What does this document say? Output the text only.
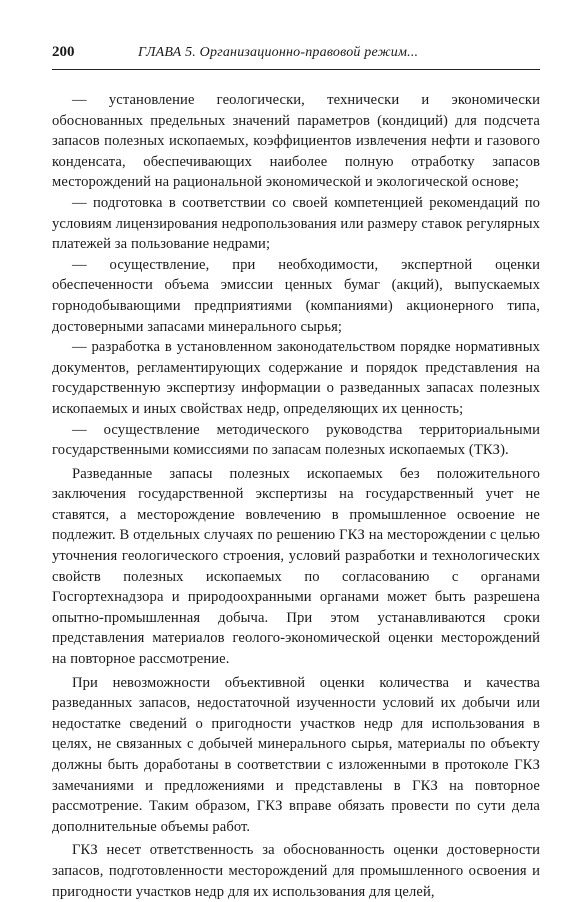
200	ГЛАВА 5. Организационно-правовой режим...

— установление геологически, технически и экономически обоснованных предельных значений параметров (кондиций) для подсчета запасов полезных ископаемых, коэффициентов извлечения нефти и газового конденсата, обеспечивающих наиболее полную отработку запасов месторождений на рациональной экономической и экологической основе;

— подготовка в соответствии со своей компетенцией рекомендаций по условиям лицензирования недропользования или размеру ставок регулярных платежей за пользование недрами;

— осуществление, при необходимости, экспертной оценки обеспеченности объема эмиссии ценных бумаг (акций), выпускаемых горнодобывающими предприятиями (компаниями) акционерного типа, достоверными запасами минерального сырья;

— разработка в установленном законодательством порядке нормативных документов, регламентирующих содержание и порядок представления на государственную экспертизу информации о разведанных запасах полезных ископаемых и иных свойствах недр, определяющих их ценность;

— осуществление методического руководства территориальными государственными комиссиями по запасам полезных ископаемых (ТКЗ).

Разведанные запасы полезных ископаемых без положительного заключения государственной экспертизы на государственный учет не ставятся, а месторождение вовлечению в промышленное освоение не подлежит. В отдельных случаях по решению ГКЗ на месторождении с целью уточнения геологического строения, условий разработки и технологических свойств полезных ископаемых по согласованию с органами Госгортехнадзора и природоохранными органами может быть разрешена опытно-промышленная добыча. При этом устанавливаются сроки представления материалов геолого-экономической оценки месторождений на повторное рассмотрение.

При невозможности объективной оценки количества и качества разведанных запасов, недостаточной изученности условий их добычи или недостатке сведений о пригодности участков недр для использования в целях, не связанных с добычей минерального сырья, материалы по объекту должны быть доработаны в соответствии с изложенными в протоколе ГКЗ замечаниями и предложениями и представлены в ГКЗ на повторное рассмотрение. Таким образом, ГКЗ вправе обязать провести по сути дела дополнительные объемы работ.

ГКЗ несет ответственность за обоснованность оценки достоверности запасов, подготовленности месторождений для промышленного освоения и пригодности участков недр для их использования для целей,
